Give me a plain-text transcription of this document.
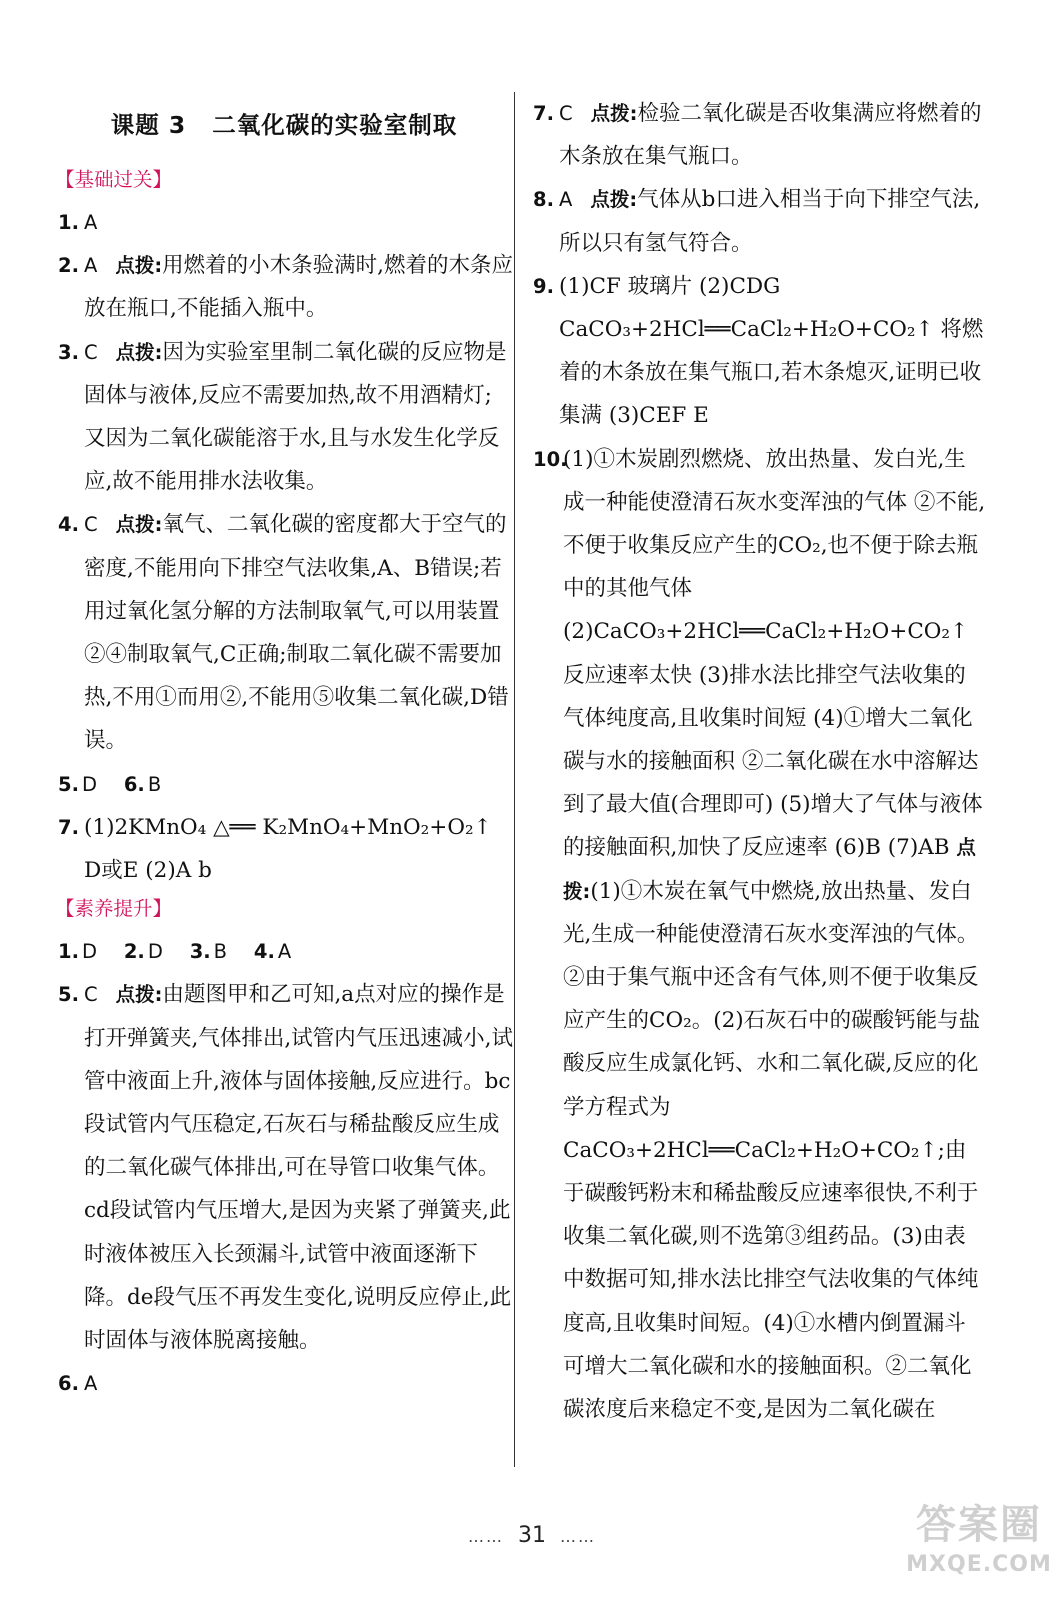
课题 3 二氧化碳的实验室制取
【基础过关】
1. A
2. A 点拨:用燃着的小木条验满时,燃着的木条应放在瓶口,不能插入瓶中。
3. C 点拨:因为实验室里制二氧化碳的反应物是固体与液体,反应不需要加热,故不用酒精灯;又因为二氧化碳能溶于水,且与水发生化学反应,故不能用排水法收集。
4. C 点拨:氧气、二氧化碳的密度都大于空气的密度,不能用向下排空气法收集,A、B错误;若用过氧化氢分解的方法制取氧气,可以用装置②④制取氧气,C正确;制取二氧化碳不需要加热,不用①而用②,不能用⑤收集二氧化碳,D错误。
5. D 6. B
7. (1)2KMnO₄ △══ K₂MnO₄+MnO₂+O₂↑ D或E (2)A b
【素养提升】
1. D 2. D 3. B 4. A
5. C 点拨:由题图甲和乙可知,a点对应的操作是打开弹簧夹,气体排出,试管内气压迅速减小,试管中液面上升,液体与固体接触,反应进行。bc段试管内气压稳定,石灰石与稀盐酸反应生成的二氧化碳气体排出,可在导管口收集气体。cd段试管内气压增大,是因为夹紧了弹簧夹,此时液体被压入长颈漏斗,试管中液面逐渐下降。de段气压不再发生变化,说明反应停止,此时固体与液体脱离接触。
6. A
7. C 点拨:检验二氧化碳是否收集满应将燃着的木条放在集气瓶口。
8. A 点拨:气体从b口进入相当于向下排空气法,所以只有氢气符合。
9. (1)CF 玻璃片 (2)CDG CaCO₃+2HCl══CaCl₂+H₂O+CO₂↑ 将燃着的木条放在集气瓶口,若木条熄灭,证明已收集满 (3)CEF E
10.
(1)①木炭剧烈燃烧、放出热量、发白光,生成一种能使澄清石灰水变浑浊的气体 ②不能,不便于收集反应产生的CO₂,也不便于除去瓶中的其他气体 (2)CaCO₃+2HCl══CaCl₂+H₂O+CO₂↑ 反应速率太快 (3)排水法比排空气法收集的气体纯度高,且收集时间短 (4)①增大二氧化碳与水的接触面积 ②二氧化碳在水中溶解达到了最大值(合理即可) (5)增大了气体与液体的接触面积,加快了反应速率 (6)B (7)AB 点拨:(1)①木炭在氧气中燃烧,放出热量、发白光,生成一种能使澄清石灰水变浑浊的气体。②由于集气瓶中还含有气体,则不便于收集反应产生的CO₂。(2)石灰石中的碳酸钙能与盐酸反应生成氯化钙、水和二氧化碳,反应的化学方程式为CaCO₃+2HCl══CaCl₂+H₂O+CO₂↑;由于碳酸钙粉末和稀盐酸反应速率很快,不利于收集二氧化碳,则不选第③组药品。(3)由表中数据可知,排水法比排空气法收集的气体纯度高,且收集时间短。(4)①水槽内倒置漏斗可增大二氧化碳和水的接触面积。②二氧化碳浓度后来稳定不变,是因为二氧化碳在
…… 31 ……	答案圈
MXQE.COM
